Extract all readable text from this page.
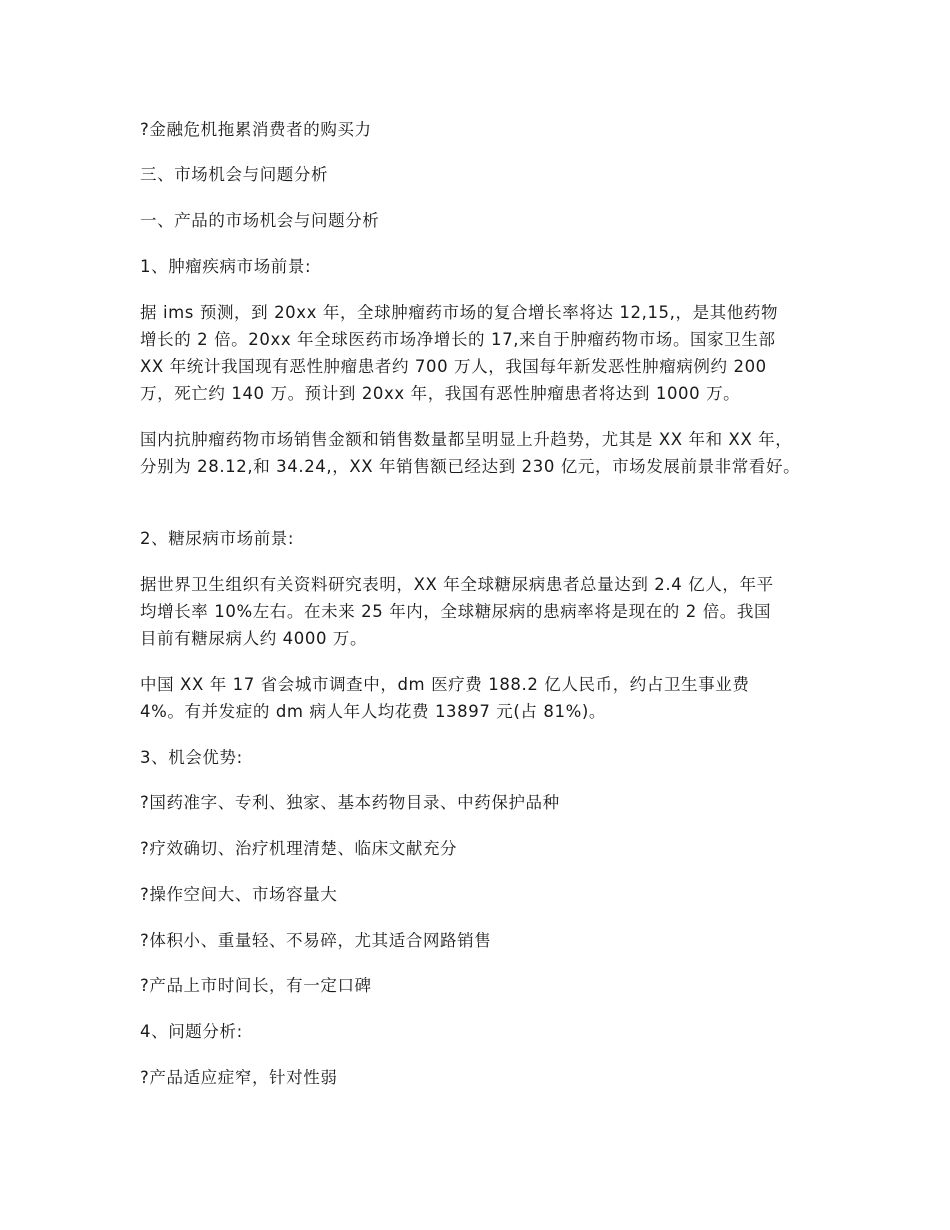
?金融危机拖累消费者的购买力

三、市场机会与问题分析

一、产品的市场机会与问题分析

1、肿瘤疾病市场前景:

据 ims 预测，到 20xx 年，全球肿瘤药市场的复合增长率将达 12,15,，是其他药物

增长的 2 倍。20xx 年全球医药市场净增长的 17,来自于肿瘤药物市场。国家卫生部

XX 年统计我国现有恶性肿瘤患者约 700 万人，我国每年新发恶性肿瘤病例约 200

万，死亡约 140 万。预计到 20xx 年，我国有恶性肿瘤患者将达到 1000 万。

国内抗肿瘤药物市场销售金额和销售数量都呈明显上升趋势，尤其是 XX 年和 XX 年，

分别为 28.12,和 34.24,，XX 年销售额已经达到 230 亿元，市场发展前景非常看好。

2、糖尿病市场前景:

据世界卫生组织有关资料研究表明，XX 年全球糖尿病患者总量达到 2.4 亿人，年平

均增长率 10%左右。在未来 25 年内，全球糖尿病的患病率将是现在的 2 倍。我国

目前有糖尿病人约 4000 万。

中国 XX 年 17 省会城市调查中，dm 医疗费 188.2 亿人民币，约占卫生事业费

4%。有并发症的 dm 病人年人均花费 13897 元(占 81%)。

3、机会优势:

?国药准字、专利、独家、基本药物目录、中药保护品种

?疗效确切、治疗机理清楚、临床文献充分

?操作空间大、市场容量大

?体积小、重量轻、不易碎，尤其适合网路销售

?产品上市时间长，有一定口碑

4、问题分析:

?产品适应症窄，针对性弱
